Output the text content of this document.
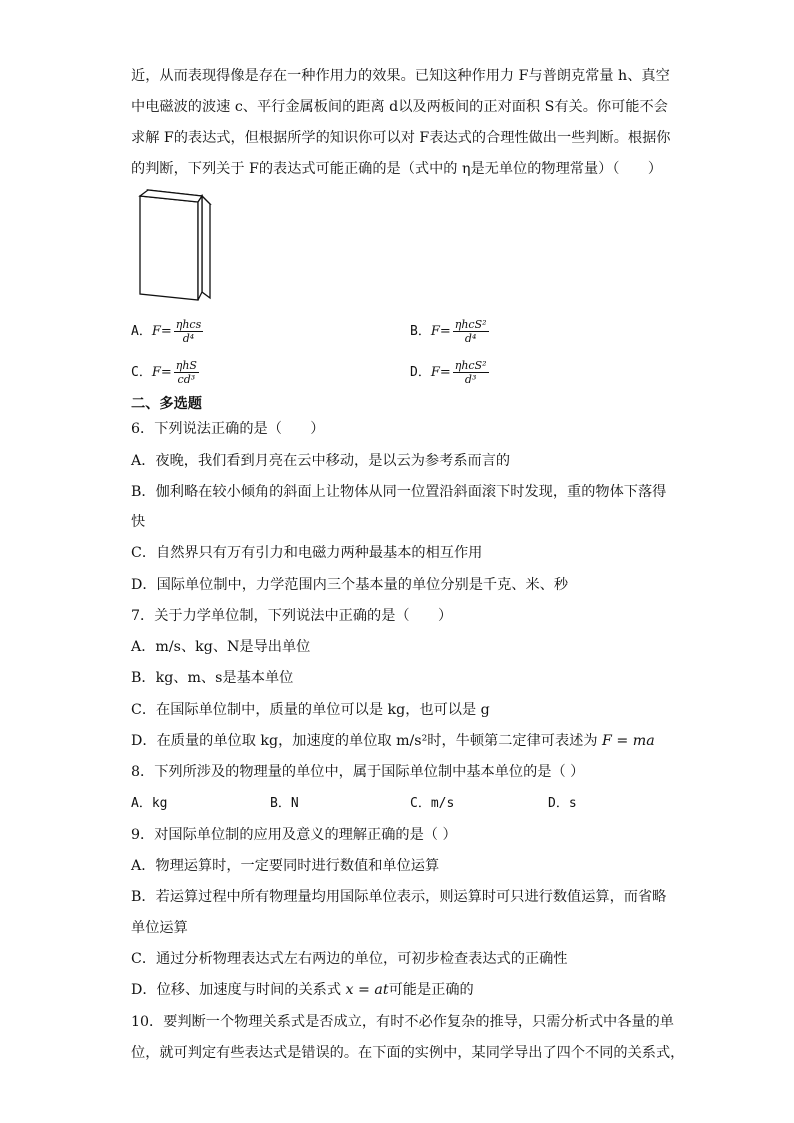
近，从而表现得像是存在一种作用力的效果。已知这种作用力 F与普朗克常量 h、真空
中电磁波的波速 c、平行金属板间的距离 d以及两板间的正对面积 S有关。你可能不会
求解 F的表达式，但根据所学的知识你可以对 F表达式的合理性做出一些判断。根据你
的判断，下列关于 F的表达式可能正确的是（式中的 η是无单位的物理常量）（　　）
A．$F= \frac{\text{ηhcs}}{\text{d⁴}}$	B．$F= \frac{\text{ηhcS²}}{\text{d⁴}}$
C．$F= \frac{\text{ηhS}}{\text{cd³}}$	D．$F= \frac{\text{ηhcS²}}{\text{d³}}$
二、多选题
6．下列说法正确的是（　　）
A．夜晚，我们看到月亮在云中移动，是以云为参考系而言的
B．伽利略在较小倾角的斜面上让物体从同一位置沿斜面滚下时发现，重的物体下落得
快
C．自然界只有万有引力和电磁力两种最基本的相互作用
D．国际单位制中，力学范围内三个基本量的单位分别是千克、米、秒
7．关于力学单位制，下列说法中正确的是（　　）
A．m/s、kg、N是导出单位
B．kg、m、s是基本单位
C．在国际单位制中，质量的单位可以是 kg，也可以是 g
D．在质量的单位取 kg，加速度的单位取 m/s²时，牛顿第二定律可表述为 F = ma
8．下列所涉及的物理量的单位中，属于国际单位制中基本单位的是（ ）
A．kg	B．N	C．m/s	D．s
9．对国际单位制的应用及意义的理解正确的是（ ）
A．物理运算时，一定要同时进行数值和单位运算
B．若运算过程中所有物理量均用国际单位表示，则运算时可只进行数值运算，而省略
单位运算
C．通过分析物理表达式左右两边的单位，可初步检查表达式的正确性
D．位移、加速度与时间的关系式 x = at可能是正确的
10．要判断一个物理关系式是否成立，有时不必作复杂的推导，只需分析式中各量的单
位，就可判定有些表达式是错误的。在下面的实例中，某同学导出了四个不同的关系式，
